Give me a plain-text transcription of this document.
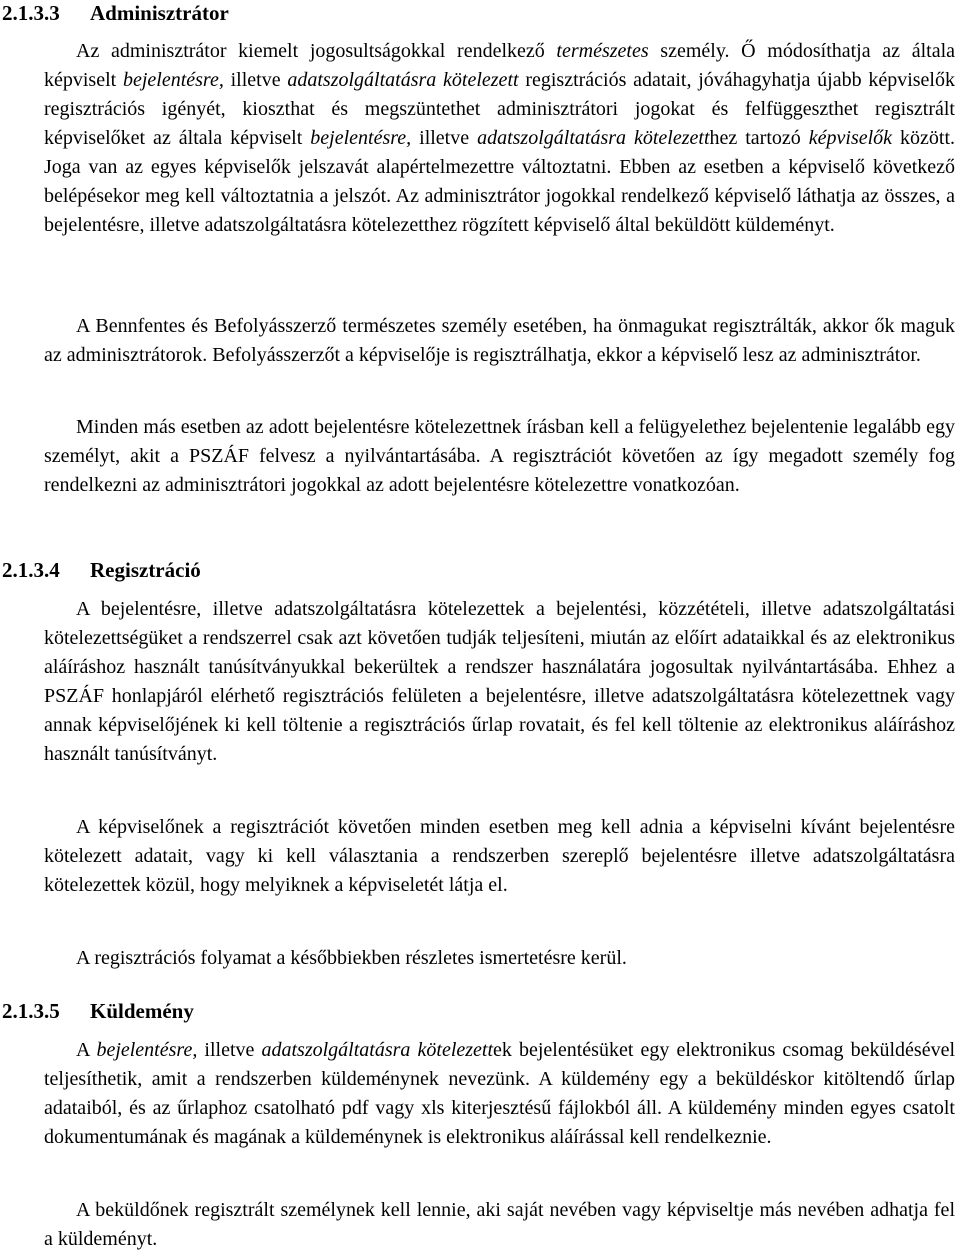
2.1.3.3 Adminisztrátor
Az adminisztrátor kiemelt jogosultságokkal rendelkező természetes személy. Ő módosíthatja az általa képviselt bejelentésre, illetve adatszolgáltatásra kötelezett regisztrációs adatait, jóváhagyhatja újabb képviselők regisztrációs igényét, kioszthat és megszüntethet adminisztrátori jogokat és felfüggeszthet regisztrált képviselőket az általa képviselt bejelentésre, illetve adatszolgáltatásra kötelezetthez tartozó képviselők között. Joga van az egyes képviselők jelszavát alapértelmezettre változtatni. Ebben az esetben a képviselő következő belépésekor meg kell változtatnia a jelszót. Az adminisztrátor jogokkal rendelkező képviselő láthatja az összes, a bejelentésre, illetve adatszolgáltatásra kötelezetthez rögzített képviselő által beküldött küldeményt.
A Bennfentes és Befolyásszerző természetes személy esetében, ha önmagukat regisztrálták, akkor ők maguk az adminisztrátorok. Befolyásszerzőt a képviselője is regisztrálhatja, ekkor a képviselő lesz az adminisztrátor.
Minden más esetben az adott bejelentésre kötelezettnek írásban kell a felügyelethez bejelentenie legalább egy személyt, akit a PSZÁF felvesz a nyilvántartásába. A regisztrációt követően az így megadott személy fog rendelkezni az adminisztrátori jogokkal az adott bejelentésre kötelezettre vonatkozóan.
2.1.3.4 Regisztráció
A bejelentésre, illetve adatszolgáltatásra kötelezettek a bejelentési, közzétételi, illetve adatszolgáltatási kötelezettségüket a rendszerrel csak azt követően tudják teljesíteni, miután az előírt adataikkal és az elektronikus aláíráshoz használt tanúsítványukkal bekerültek a rendszer használatára jogosultak nyilvántartásába. Ehhez a PSZÁF honlapjáról elérhető regisztrációs felületen a bejelentésre, illetve adatszolgáltatásra kötelezettnek vagy annak képviselőjének ki kell töltenie a regisztrációs űrlap rovatait, és fel kell töltenie az elektronikus aláíráshoz használt tanúsítványt.
A képviselőnek a regisztrációt követően minden esetben meg kell adnia a képviselni kívánt bejelentésre kötelezett adatait, vagy ki kell választania a rendszerben szereplő bejelentésre illetve adatszolgáltatásra kötelezettek közül, hogy melyiknek a képviseletét látja el.
A regisztrációs folyamat a későbbiekben részletes ismertetésre kerül.
2.1.3.5 Küldemény
A bejelentésre, illetve adatszolgáltatásra kötelezettek bejelentésüket egy elektronikus csomag beküldésével teljesíthetik, amit a rendszerben küldeménynek nevezünk. A küldemény egy a beküldéskor kitöltendő űrlap adataiból, és az űrlaphoz csatolható pdf vagy xls kiterjesztésű fájlokból áll. A küldemény minden egyes csatolt dokumentumának és magának a küldeménynek is elektronikus aláírással kell rendelkeznie.
A beküldőnek regisztrált személynek kell lennie, aki saját nevében vagy képviseltje más nevében adhatja fel a küldeményt.
